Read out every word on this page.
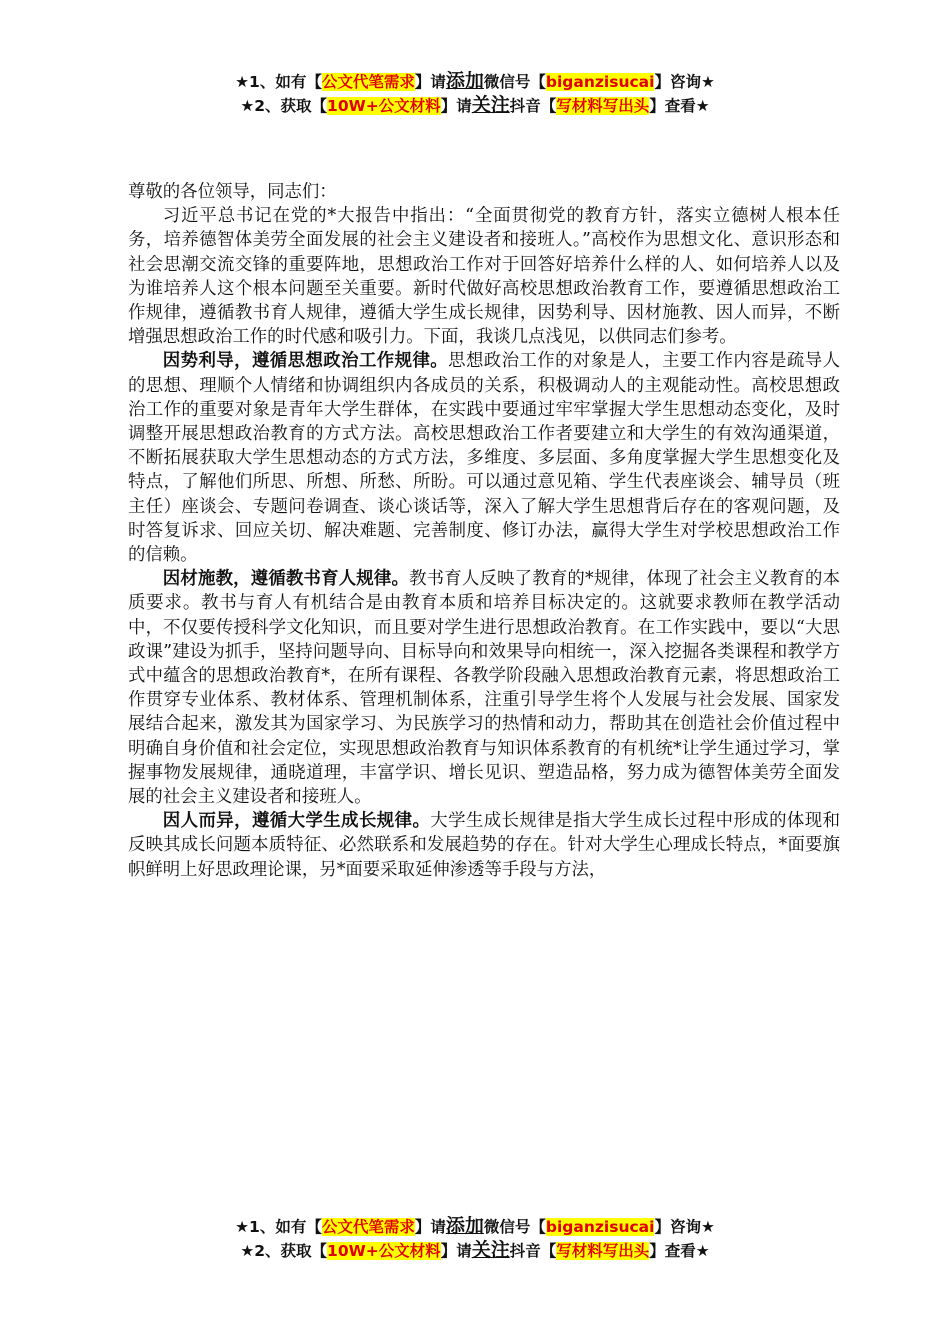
★1、如有【公文代笔需求】请添加微信号【biganzisucai】咨询★
★2、获取【10W+公文材料】请关注抖音【写材料写出头】查看★

尊敬的各位领导，同志们：

习近平总书记在党的*大报告中指出：“全面贯彻党的教育方针，落实立德树人根本任务，培养德智体美劳全面发展的社会主义建设者和接班人。”高校作为思想文化、意识形态和社会思潮交流交锋的重要阵地，思想政治工作对于回答好培养什么样的人、如何培养人以及为谁培养人这个根本问题至关重要。新时代做好高校思想政治教育工作，要遵循思想政治工作规律，遵循教书育人规律，遵循大学生成长规律，因势利导、因材施教、因人而异，不断增强思想政治工作的时代感和吸引力。下面，我谈几点浅见，以供同志们参考。

因势利导，遵循思想政治工作规律。思想政治工作的对象是人，主要工作内容是疏导人的思想、理顺个人情绪和协调组织内各成员的关系，积极调动人的主观能动性。高校思想政治工作的重要对象是青年大学生群体，在实践中要通过牢牢掌握大学生思想动态变化，及时调整开展思想政治教育的方式方法。高校思想政治工作者要建立和大学生的有效沟通渠道，不断拓展获取大学生思想动态的方式方法，多维度、多层面、多角度掌握大学生思想变化及特点，了解他们所思、所想、所愁、所盼。可以通过意见箱、学生代表座谈会、辅导员（班主任）座谈会、专题问卷调查、谈心谈话等，深入了解大学生思想背后存在的客观问题，及时答复诉求、回应关切、解决难题、完善制度、修订办法，赢得大学生对学校思想政治工作的信赖。

因材施教，遵循教书育人规律。教书育人反映了教育的*规律，体现了社会主义教育的本质要求。教书与育人有机结合是由教育本质和培养目标决定的。这就要求教师在教学活动中，不仅要传授科学文化知识，而且要对学生进行思想政治教育。在工作实践中，要以“大思政课”建设为抓手，坚持问题导向、目标导向和效果导向相统一，深入挖掘各类课程和教学方式中蕴含的思想政治教育*，在所有课程、各教学阶段融入思想政治教育元素，将思想政治工作贯穿专业体系、教材体系、管理机制体系，注重引导学生将个人发展与社会发展、国家发展结合起来，激发其为国家学习、为民族学习的热情和动力，帮助其在创造社会价值过程中明确自身价值和社会定位，实现思想政治教育与知识体系教育的有机统*让学生通过学习，掌握事物发展规律，通晓道理，丰富学识、增长见识、塑造品格，努力成为德智体美劳全面发展的社会主义建设者和接班人。

因人而异，遵循大学生成长规律。大学生成长规律是指大学生成长过程中形成的体现和反映其成长问题本质特征、必然联系和发展趋势的存在。针对大学生心理成长特点，*面要旗帜鲜明上好思政理论课，另*面要采取延伸渗透等手段与方法，

★1、如有【公文代笔需求】请添加微信号【biganzisucai】咨询★
★2、获取【10W+公文材料】请关注抖音【写材料写出头】查看★
